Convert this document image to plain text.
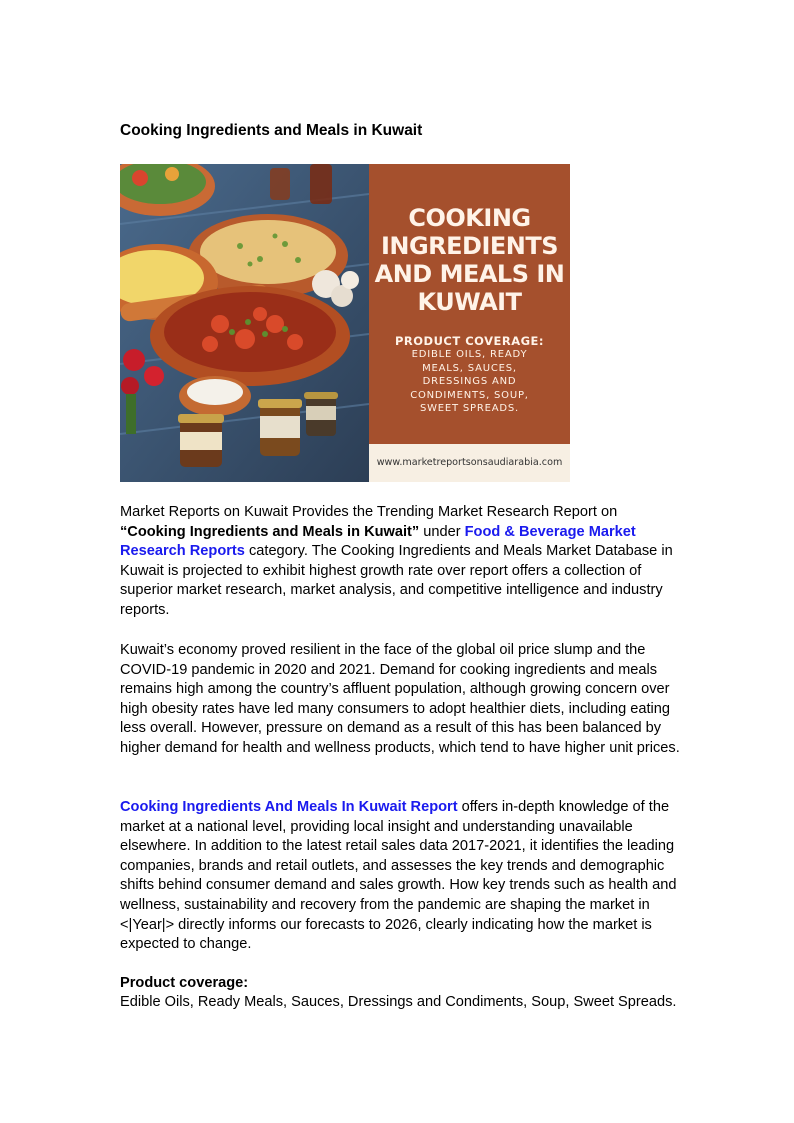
Cooking Ingredients and Meals in Kuwait
COOKING INGREDIENTS AND MEALS IN KUWAIT
PRODUCT COVERAGE:
EDIBLE OILS, READY MEALS, SAUCES, DRESSINGS AND CONDIMENTS, SOUP, SWEET SPREADS.
www.marketreportsonsaudiarabia.com

Market Reports on Kuwait Provides the Trending Market Research Report on “Cooking Ingredients and Meals in Kuwait” under Food & Beverage Market Research Reports category. The Cooking Ingredients and Meals Market Database in Kuwait is projected to exhibit highest growth rate over report offers a collection of superior market research, market analysis, and competitive intelligence and industry reports.

Kuwait’s economy proved resilient in the face of the global oil price slump and the COVID-19 pandemic in 2020 and 2021. Demand for cooking ingredients and meals remains high among the country’s affluent population, although growing concern over high obesity rates have led many consumers to adopt healthier diets, including eating less overall. However, pressure on demand as a result of this has been balanced by higher demand for health and wellness products, which tend to have higher unit prices.

Cooking Ingredients And Meals In Kuwait Report offers in-depth knowledge of the market at a national level, providing local insight and understanding unavailable elsewhere. In addition to the latest retail sales data 2017-2021, it identifies the leading companies, brands and retail outlets, and assesses the key trends and demographic shifts behind consumer demand and sales growth. How key trends such as health and wellness, sustainability and recovery from the pandemic are shaping the market in <|Year|> directly informs our forecasts to 2026, clearly indicating how the market is expected to change.

Product coverage:

Edible Oils, Ready Meals, Sauces, Dressings and Condiments, Soup, Sweet Spreads.
